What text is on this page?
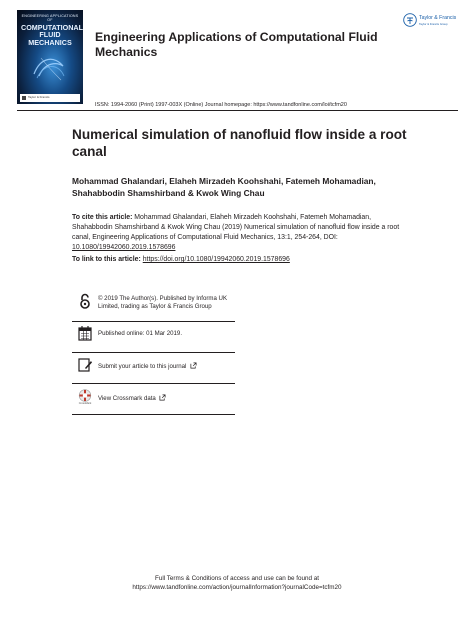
ENGINEERING APPLICATIONS OF
COMPUTATIONAL
FLUID MECHANICS
Taylor & Francis
Engineering Applications of Computational Fluid Mechanics
Taylor & Francis
Taylor & Francis Group
ISSN: 1994-2060 (Print) 1997-003X (Online) Journal homepage: https://www.tandfonline.com/loi/tcfm20
Numerical simulation of nanofluid flow inside a root canal
Mohammad Ghalandari, Elaheh Mirzadeh Koohshahi, Fatemeh Mohamadian, Shahabbodin Shamshirband & Kwok Wing Chau
To cite this article: Mohammad Ghalandari, Elaheh Mirzadeh Koohshahi, Fatemeh Mohamadian, Shahabbodin Shamshirband & Kwok Wing Chau (2019) Numerical simulation of nanofluid flow inside a root canal, Engineering Applications of Computational Fluid Mechanics, 13:1, 254-264, DOI: 10.1080/19942060.2019.1578696
To link to this article: https://doi.org/10.1080/19942060.2019.1578696
© 2019 The Author(s). Published by Informa UK Limited, trading as Taylor & Francis Group
Published online: 01 Mar 2019.
Submit your article to this journal
CrossMark
View Crossmark data
Full Terms & Conditions of access and use can be found at
https://www.tandfonline.com/action/journalInformation?journalCode=tcfm20
